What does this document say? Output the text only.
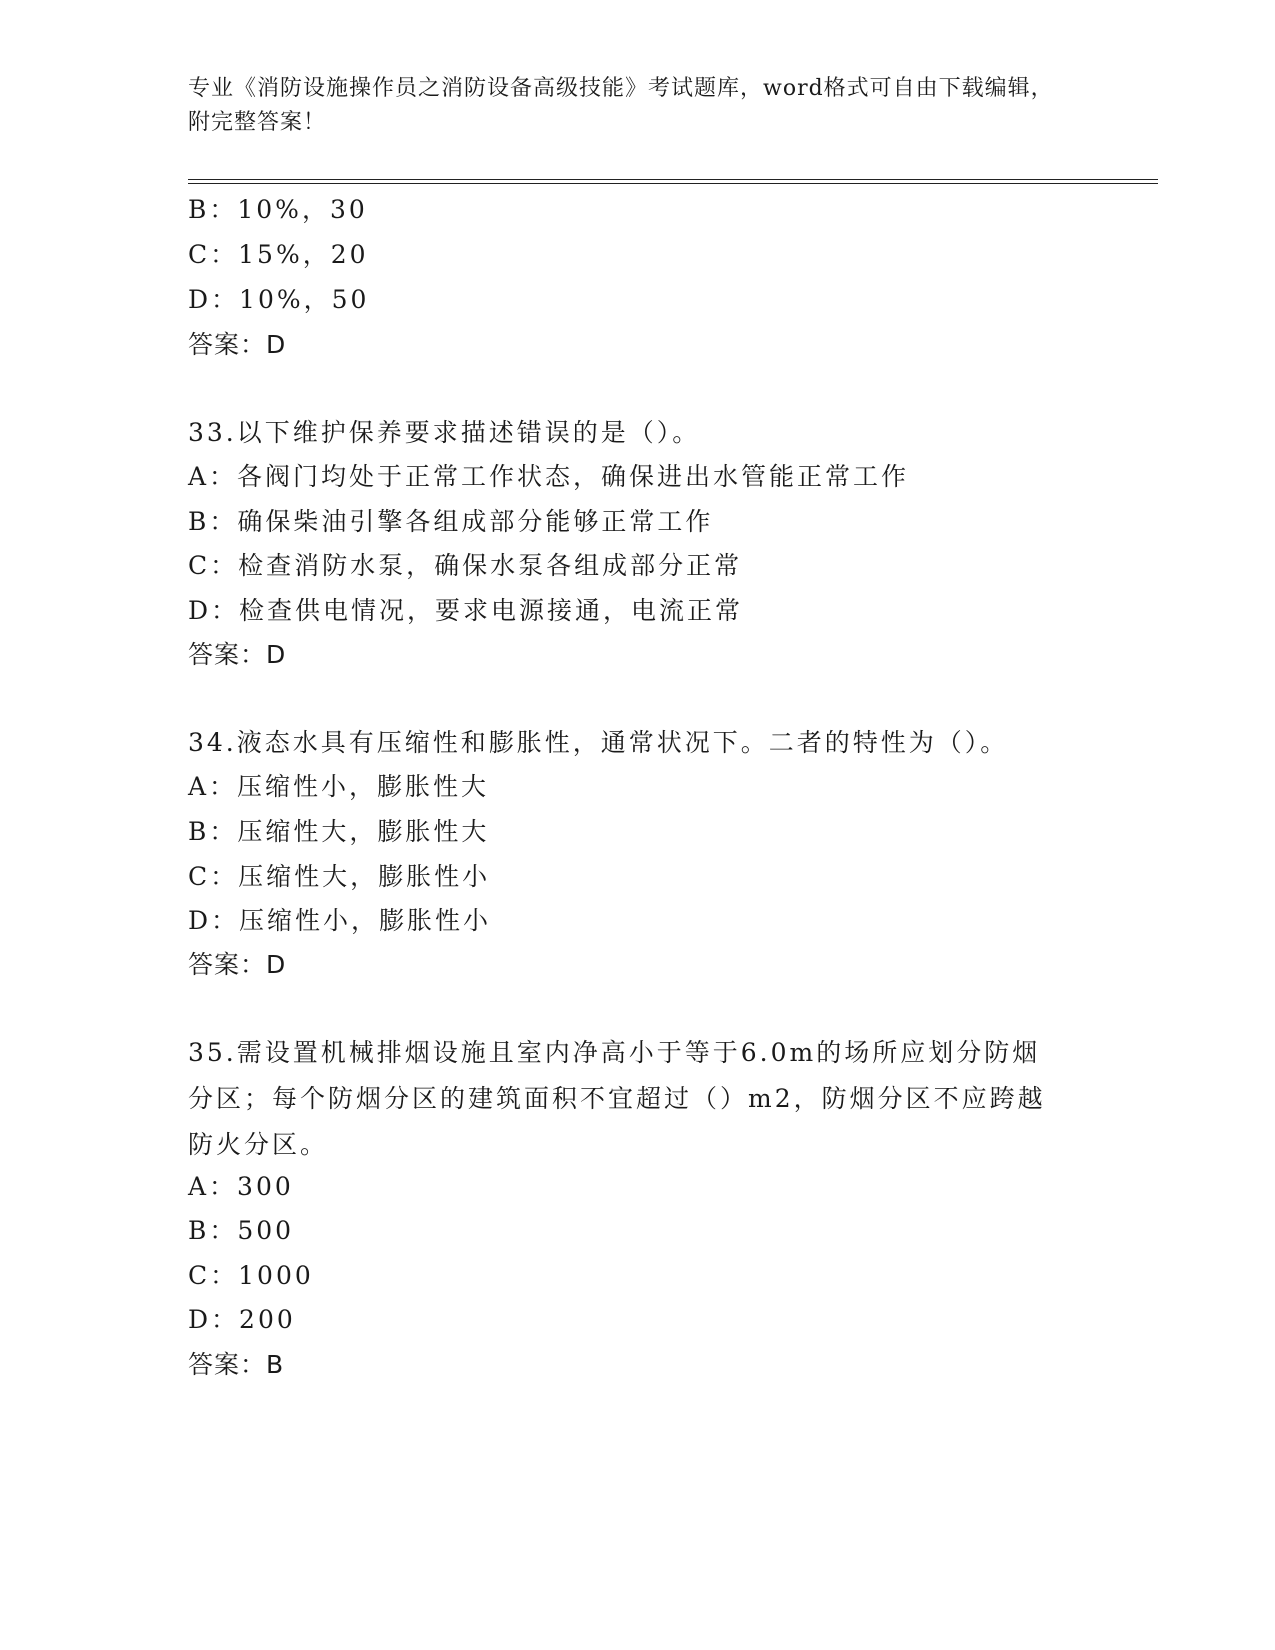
专业《消防设施操作员之消防设备高级技能》考试题库，word格式可自由下载编辑，附完整答案！
B：10%，30
C：15%，20
D：10%，50
答案：D
33.以下维护保养要求描述错误的是（）。
A：各阀门均处于正常工作状态，确保进出水管能正常工作
B：确保柴油引擎各组成部分能够正常工作
C：检查消防水泵，确保水泵各组成部分正常
D：检查供电情况，要求电源接通，电流正常
答案：D
34.液态水具有压缩性和膨胀性，通常状况下。二者的特性为（）。
A：压缩性小，膨胀性大
B：压缩性大，膨胀性大
C：压缩性大，膨胀性小
D：压缩性小，膨胀性小
答案：D
35.需设置机械排烟设施且室内净高小于等于6.0m的场所应划分防烟分区；每个防烟分区的建筑面积不宜超过（）m2，防烟分区不应跨越防火分区。
A：300
B：500
C：1000
D：200
答案：B
